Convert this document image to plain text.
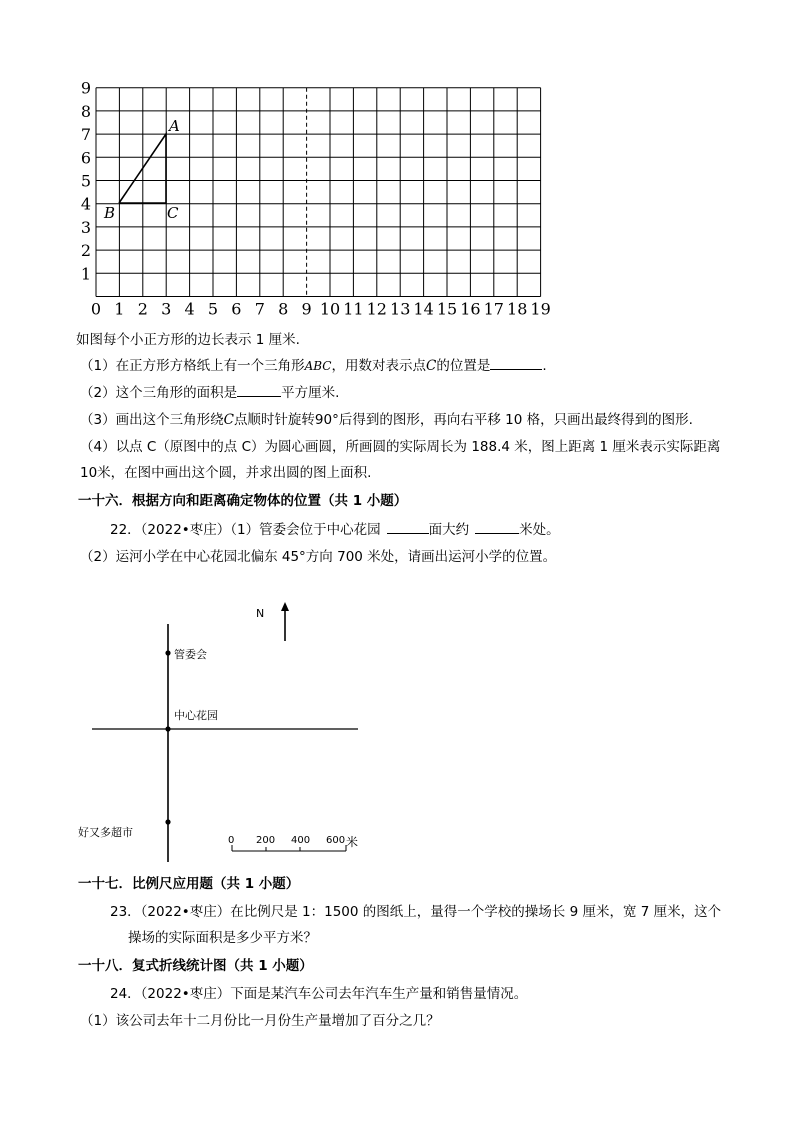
0 1 2 3 4 5 6 7 8 9 10 11 12 13 14 15 16 17 18 19
1
2
3
4
5
6
7
8
9
A
B	C
如图每个小正方形的边长表示 1 厘米.
（1）在正方形方格纸上有一个三角形ABC，用数对表示点C的位置是	.
（2）这个三角形的面积是	平方厘米.
（3）画出这个三角形绕C点顺时针旋转90°后得到的图形，再向右平移 10 格，只画出最终得到的图形.
（4）以点 C（原图中的点 C）为圆心画圆，所画圆的实际周长为 188.4 米，图上距离 1 厘米表示实际距离
10米，在图中画出这个圆，并求出圆的图上面积.
一十六．根据方向和距离确定物体的位置（共 1 小题）
22．（2022•枣庄）（1）管委会位于中心花园	面大约	米处。
（2）运河小学在中心花园北偏东 45°方向 700 米处，请画出运河小学的位置。
N
管委会
中心花园
好又多超市
0 200 400 600 米
一十七．比例尺应用题（共 1 小题）
23．（2022•枣庄）在比例尺是 1：1500 的图纸上，量得一个学校的操场长 9 厘米，宽 7 厘米，这个
操场的实际面积是多少平方米？
一十八．复式折线统计图（共 1 小题）
24．（2022•枣庄）下面是某汽车公司去年汽车生产量和销售量情况。
（1）该公司去年十二月份比一月份生产量增加了百分之几？
